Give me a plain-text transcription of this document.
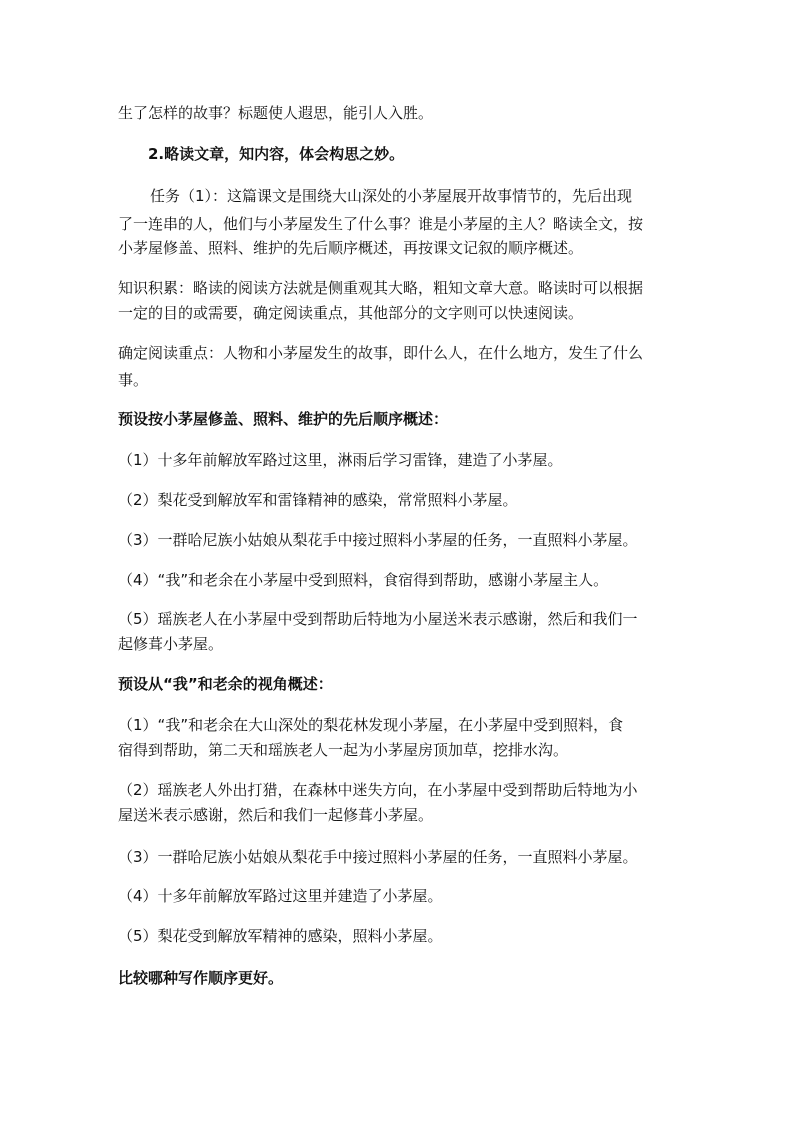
生了怎样的故事？标题使人遐思，能引人入胜。
2.略读文章，知内容，体会构思之妙。
任务（1）：这篇课文是围绕大山深处的小茅屋展开故事情节的，先后出现
了一连串的人，他们与小茅屋发生了什么事？谁是小茅屋的主人？略读全文，按
小茅屋修盖、照料、维护的先后顺序概述，再按课文记叙的顺序概述。
知识积累：略读的阅读方法就是侧重观其大略，粗知文章大意。略读时可以根据
一定的目的或需要，确定阅读重点，其他部分的文字则可以快速阅读。
确定阅读重点：人物和小茅屋发生的故事，即什么人，在什么地方，发生了什么
事。
预设按小茅屋修盖、照料、维护的先后顺序概述：
（1）十多年前解放军路过这里，淋雨后学习雷锋，建造了小茅屋。
（2）梨花受到解放军和雷锋精神的感染，常常照料小茅屋。
（3）一群哈尼族小姑娘从梨花手中接过照料小茅屋的任务，一直照料小茅屋。
（4）“我”和老余在小茅屋中受到照料，食宿得到帮助，感谢小茅屋主人。
（5）瑶族老人在小茅屋中受到帮助后特地为小屋送米表示感谢，然后和我们一
起修葺小茅屋。
预设从“我”和老余的视角概述：
（1）“我”和老余在大山深处的梨花林发现小茅屋，在小茅屋中受到照料，食
宿得到帮助，第二天和瑶族老人一起为小茅屋房顶加草，挖排水沟。
（2）瑶族老人外出打猎，在森林中迷失方向，在小茅屋中受到帮助后特地为小
屋送米表示感谢，然后和我们一起修葺小茅屋。
（3）一群哈尼族小姑娘从梨花手中接过照料小茅屋的任务，一直照料小茅屋。
（4）十多年前解放军路过这里并建造了小茅屋。
（5）梨花受到解放军精神的感染，照料小茅屋。
比较哪种写作顺序更好。
